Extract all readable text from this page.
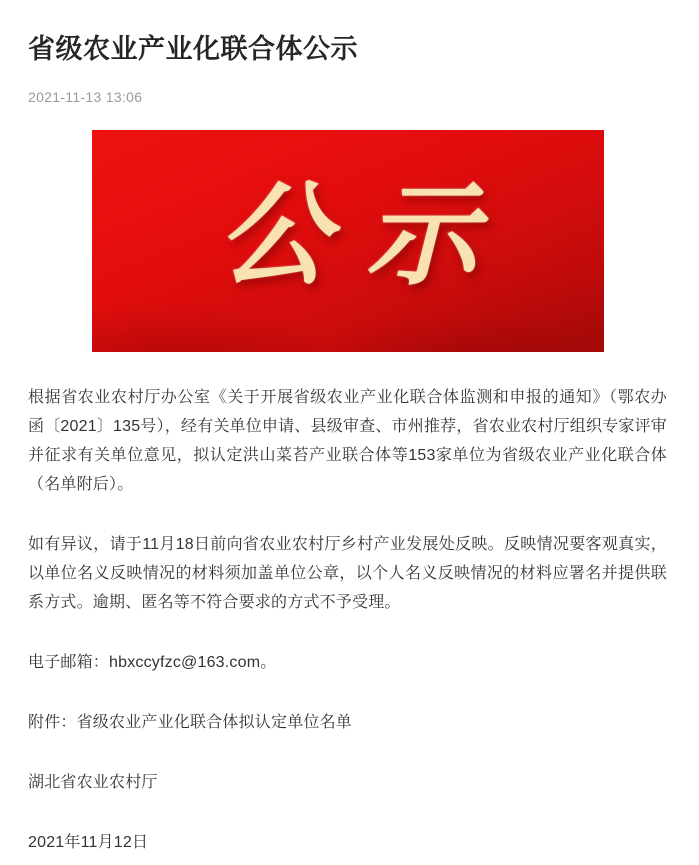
省级农业产业化联合体公示
2021-11-13 13:06
公示

根据省农业农村厅办公室《关于开展省级农业产业化联合体监测和申报的通知》（鄂农办函〔2021〕135号），经有关单位申请、县级审查、市州推荐，省农业农村厅组织专家评审并征求有关单位意见，拟认定洪山菜苔产业联合体等153家单位为省级农业产业化联合体（名单附后）。

如有异议，请于11月18日前向省农业农村厅乡村产业发展处反映。反映情况要客观真实，以单位名义反映情况的材料须加盖单位公章，以个人名义反映情况的材料应署名并提供联系方式。逾期、匿名等不符合要求的方式不予受理。

电子邮箱：hbxccyfzc@163.com。

附件：省级农业产业化联合体拟认定单位名单

湖北省农业农村厅

2021年11月12日
